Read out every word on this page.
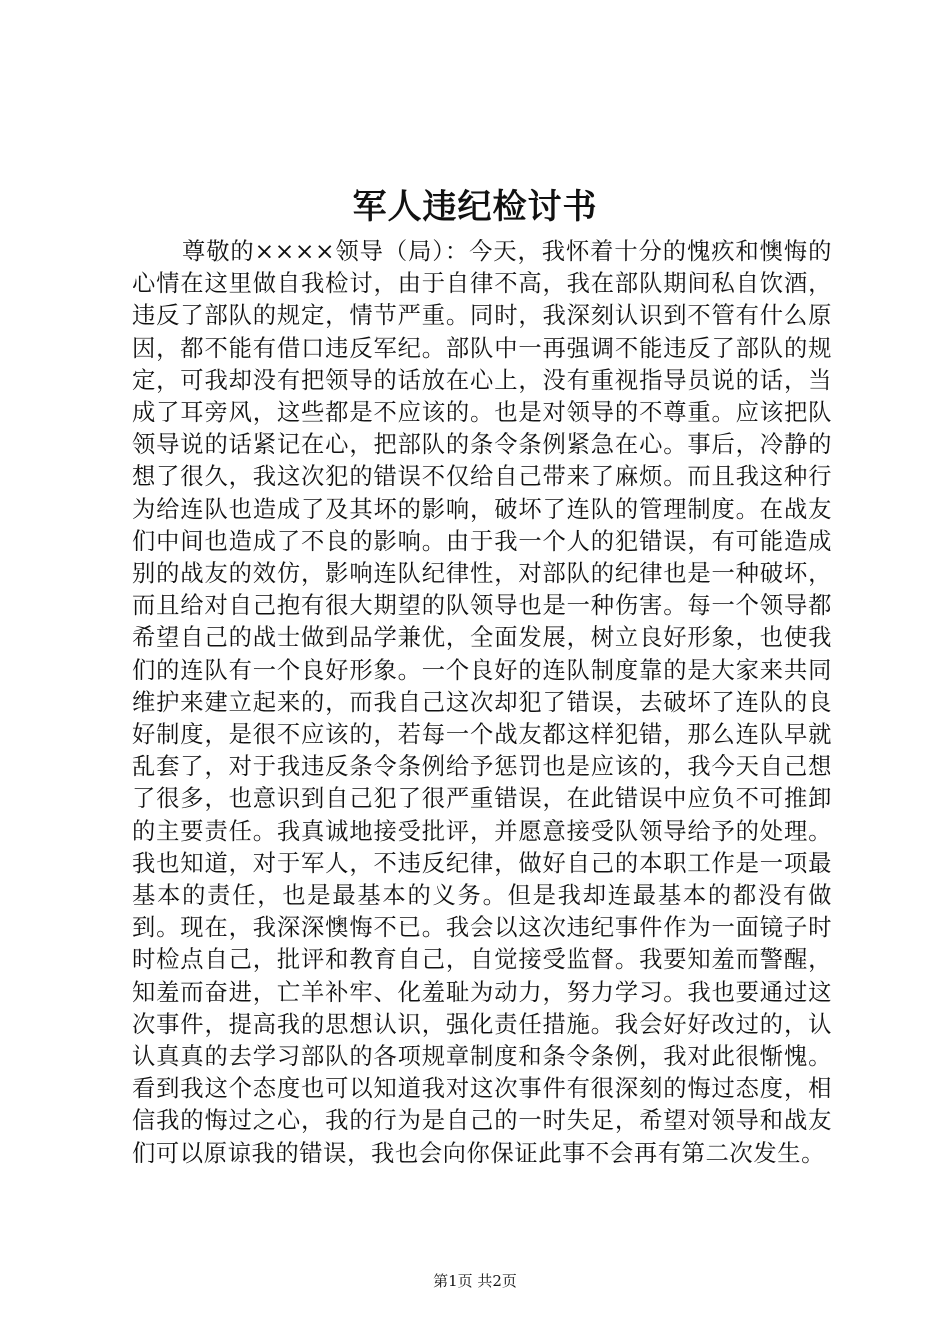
军人违纪检讨书

尊敬的××××领导（局）：今天，我怀着十分的愧疚和懊悔的心情在这里做自我检讨，由于自律不高，我在部队期间私自饮酒，违反了部队的规定，情节严重。同时，我深刻认识到不管有什么原因，都不能有借口违反军纪。部队中一再强调不能违反了部队的规定，可我却没有把领导的话放在心上，没有重视指导员说的话，当成了耳旁风，这些都是不应该的。也是对领导的不尊重。应该把队领导说的话紧记在心，把部队的条令条例紧急在心。事后，冷静的想了很久，我这次犯的错误不仅给自己带来了麻烦。而且我这种行为给连队也造成了及其坏的影响，破坏了连队的管理制度。在战友们中间也造成了不良的影响。由于我一个人的犯错误，有可能造成别的战友的效仿，影响连队纪律性，对部队的纪律也是一种破坏，而且给对自己抱有很大期望的队领导也是一种伤害。每一个领导都希望自己的战士做到品学兼优，全面发展，树立良好形象，也使我们的连队有一个良好形象。一个良好的连队制度靠的是大家来共同维护来建立起来的，而我自己这次却犯了错误，去破坏了连队的良好制度，是很不应该的，若每一个战友都这样犯错，那么连队早就乱套了，对于我违反条令条例给予惩罚也是应该的，我今天自己想了很多，也意识到自己犯了很严重错误，在此错误中应负不可推卸的主要责任。我真诚地接受批评，并愿意接受队领导给予的处理。我也知道，对于军人，不违反纪律，做好自己的本职工作是一项最基本的责任，也是最基本的义务。但是我却连最基本的都没有做到。现在，我深深懊悔不已。我会以这次违纪事件作为一面镜子时时检点自己，批评和教育自己，自觉接受监督。我要知羞而警醒，知羞而奋进，亡羊补牢、化羞耻为动力，努力学习。我也要通过这次事件，提高我的思想认识，强化责任措施。我会好好改过的，认认真真的去学习部队的各项规章制度和条令条例，我对此很惭愧。看到我这个态度也可以知道我对这次事件有很深刻的悔过态度，相信我的悔过之心，我的行为是自己的一时失足，希望对领导和战友们可以原谅我的错误，我也会向你保证此事不会再有第二次发生。

第1页 共2页
